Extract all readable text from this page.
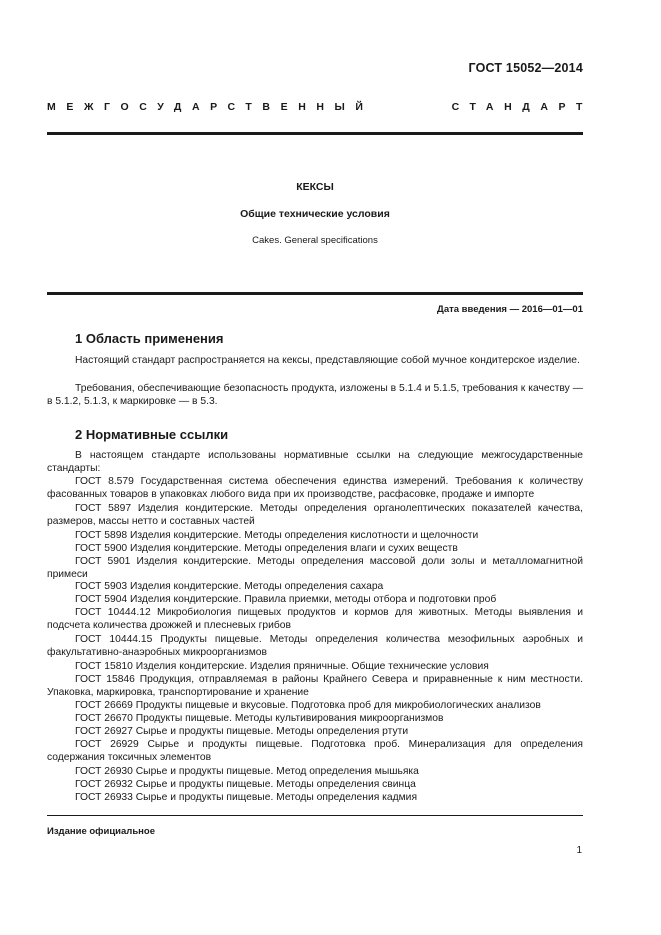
ГОСТ 15052—2014
МЕЖГОСУДАРСТВЕННЫЙ	СТАНДАРТ
КЕКСЫ
Общие технические условия
Cakes. General specifications
Дата введения — 2016—01—01
1 Область применения
Настоящий стандарт распространяется на кексы, представляющие собой мучное кондитерское изделие.
Требования, обеспечивающие безопасность продукта, изложены в 5.1.4 и 5.1.5, требования к качеству — в 5.1.2, 5.1.3, к маркировке — в 5.3.
2 Нормативные ссылки
В настоящем стандарте использованы нормативные ссылки на следующие межгосударственные стандарты:
ГОСТ 8.579 Государственная система обеспечения единства измерений. Требования к количеству фасованных товаров в упаковках любого вида при их производстве, расфасовке, продаже и импорте
ГОСТ 5897 Изделия кондитерские. Методы определения органолептических показателей качества, размеров, массы нетто и составных частей
ГОСТ 5898 Изделия кондитерские. Методы определения кислотности и щелочности
ГОСТ 5900 Изделия кондитерские. Методы определения влаги и сухих веществ
ГОСТ 5901 Изделия кондитерские. Методы определения массовой доли золы и металломагнитной примеси
ГОСТ 5903 Изделия кондитерские. Методы определения сахара
ГОСТ 5904 Изделия кондитерские. Правила приемки, методы отбора и подготовки проб
ГОСТ 10444.12 Микробиология пищевых продуктов и кормов для животных. Методы выявления и подсчета количества дрожжей и плесневых грибов
ГОСТ 10444.15 Продукты пищевые. Методы определения количества мезофильных аэробных и факультативно-анаэробных микроорганизмов
ГОСТ 15810 Изделия кондитерские. Изделия пряничные. Общие технические условия
ГОСТ 15846 Продукция, отправляемая в районы Крайнего Севера и приравненные к ним местности. Упаковка, маркировка, транспортирование и хранение
ГОСТ 26669 Продукты пищевые и вкусовые. Подготовка проб для микробиологических анализов
ГОСТ 26670 Продукты пищевые. Методы культивирования микроорганизмов
ГОСТ 26927 Сырье и продукты пищевые. Методы определения ртути
ГОСТ 26929 Сырье и продукты пищевые. Подготовка проб. Минерализация для определения содержания токсичных элементов
ГОСТ 26930 Сырье и продукты пищевые. Метод определения мышьяка
ГОСТ 26932 Сырье и продукты пищевые. Методы определения свинца
ГОСТ 26933 Сырье и продукты пищевые. Методы определения кадмия
Издание официальное
1
